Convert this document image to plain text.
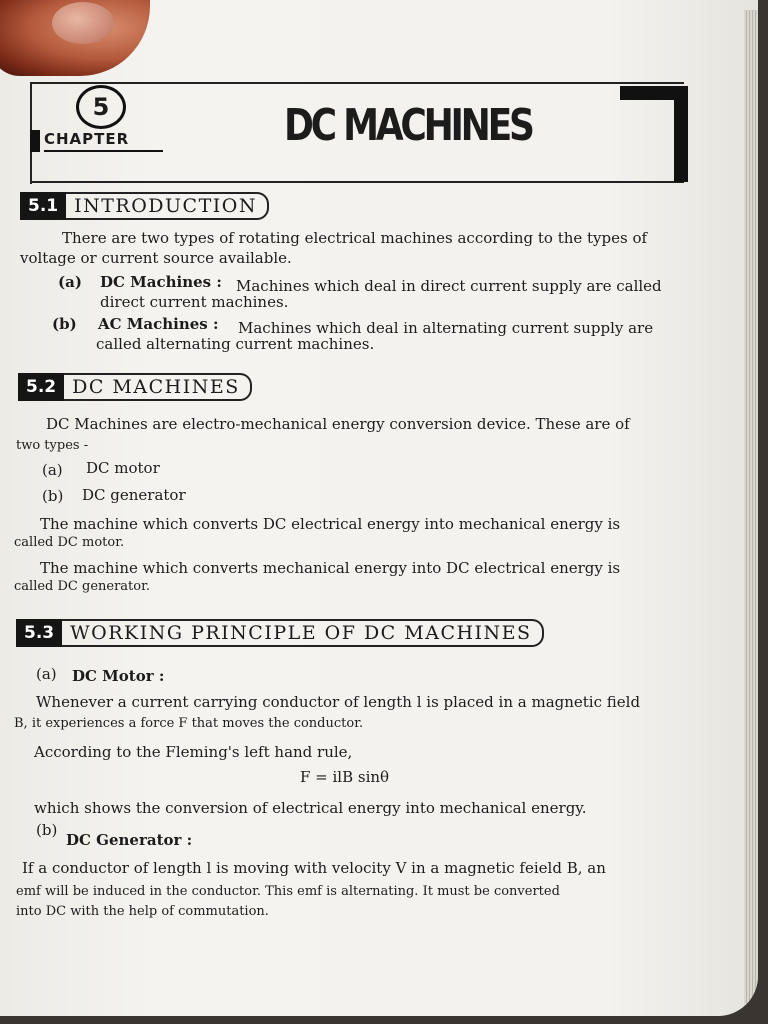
5
CHAPTER	DC MACHINES
5.1 INTRODUCTION
There are two types of rotating electrical machines according to the types of
voltage or current source available.
(a) DC Machines : Machines which deal in direct current supply are called
direct current machines.
(b) AC Machines : Machines which deal in alternating current supply are
called alternating current machines.
5.2 DC MACHINES
DC Machines are electro-mechanical energy conversion device. These are of
two types -
(a) DC motor
(b) DC generator
The machine which converts DC electrical energy into mechanical energy is
called DC motor.
The machine which converts mechanical energy into DC electrical energy is
called DC generator.
5.3 WORKING PRINCIPLE OF DC MACHINES
(a) DC Motor :
Whenever a current carrying conductor of length l is placed in a magnetic field
B, it experiences a force F that moves the conductor.
According to the Fleming's left hand rule,
F = ilB sinθ
which shows the conversion of electrical energy into mechanical energy.
(b)
DC Generator :
If a conductor of length l is moving with velocity V in a magnetic feield B, an
emf will be induced in the conductor. This emf is alternating. It must be converted
into DC with the help of commutation.
